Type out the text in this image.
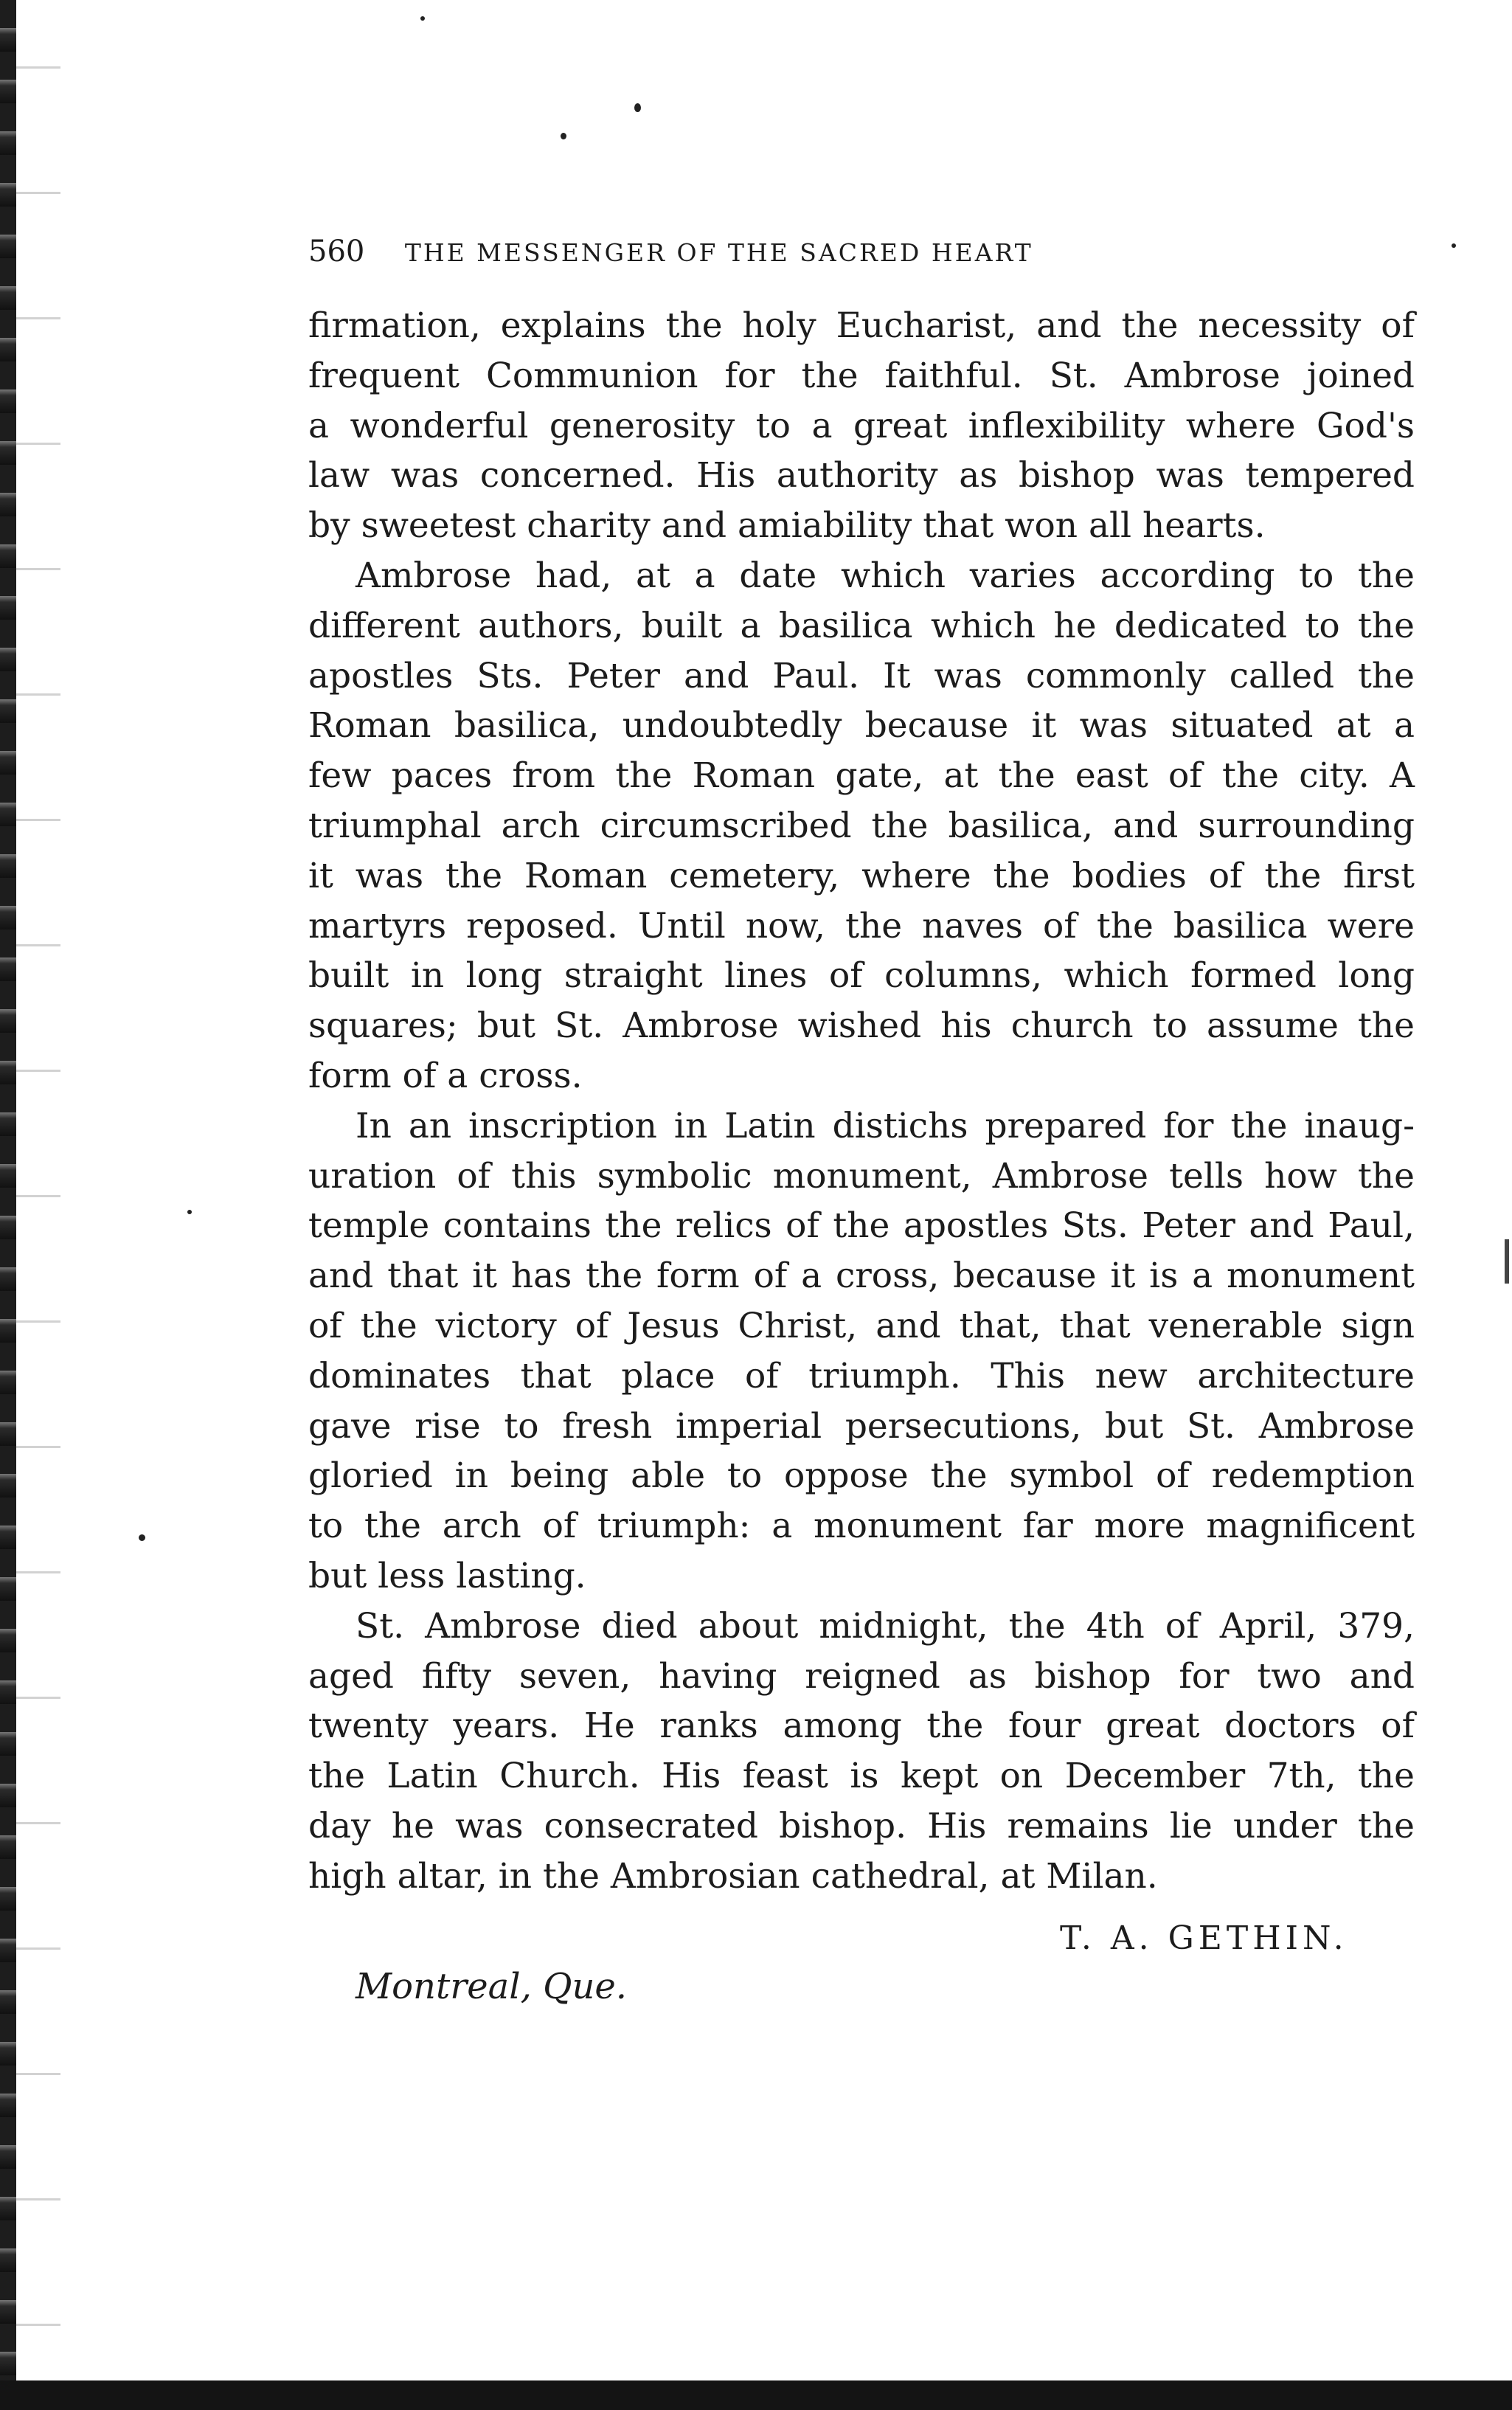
560 THE MESSENGER OF THE SACRED HEART
firmation, explains the holy Eucharist, and the necessity of
frequent Communion for the faithful. St. Ambrose joined
a wonderful generosity to a great inflexibility where God's
law was concerned. His authority as bishop was tempered
by sweetest charity and amiability that won all hearts.
Ambrose had, at a date which varies according to the
different authors, built a basilica which he dedicated to the
apostles Sts. Peter and Paul. It was commonly called the
Roman basilica, undoubtedly because it was situated at a
few paces from the Roman gate, at the east of the city. A
triumphal arch circumscribed the basilica, and surrounding
it was the Roman cemetery, where the bodies of the first
martyrs reposed. Until now, the naves of the basilica were
built in long straight lines of columns, which formed long
squares; but St. Ambrose wished his church to assume the
form of a cross.
In an inscription in Latin distichs prepared for the inaug-
uration of this symbolic monument, Ambrose tells how the
temple contains the relics of the apostles Sts. Peter and Paul,
and that it has the form of a cross, because it is a monument
of the victory of Jesus Christ, and that, that venerable sign
dominates that place of triumph. This new architecture
gave rise to fresh imperial persecutions, but St. Ambrose
gloried in being able to oppose the symbol of redemption
to the arch of triumph: a monument far more magnificent
but less lasting.
St. Ambrose died about midnight, the 4th of April, 379,
aged fifty seven, having reigned as bishop for two and
twenty years. He ranks among the four great doctors of
the Latin Church. His feast is kept on December 7th, the
day he was consecrated bishop. His remains lie under the
high altar, in the Ambrosian cathedral, at Milan.
T. A. GETHIN.
Montreal, Que.
